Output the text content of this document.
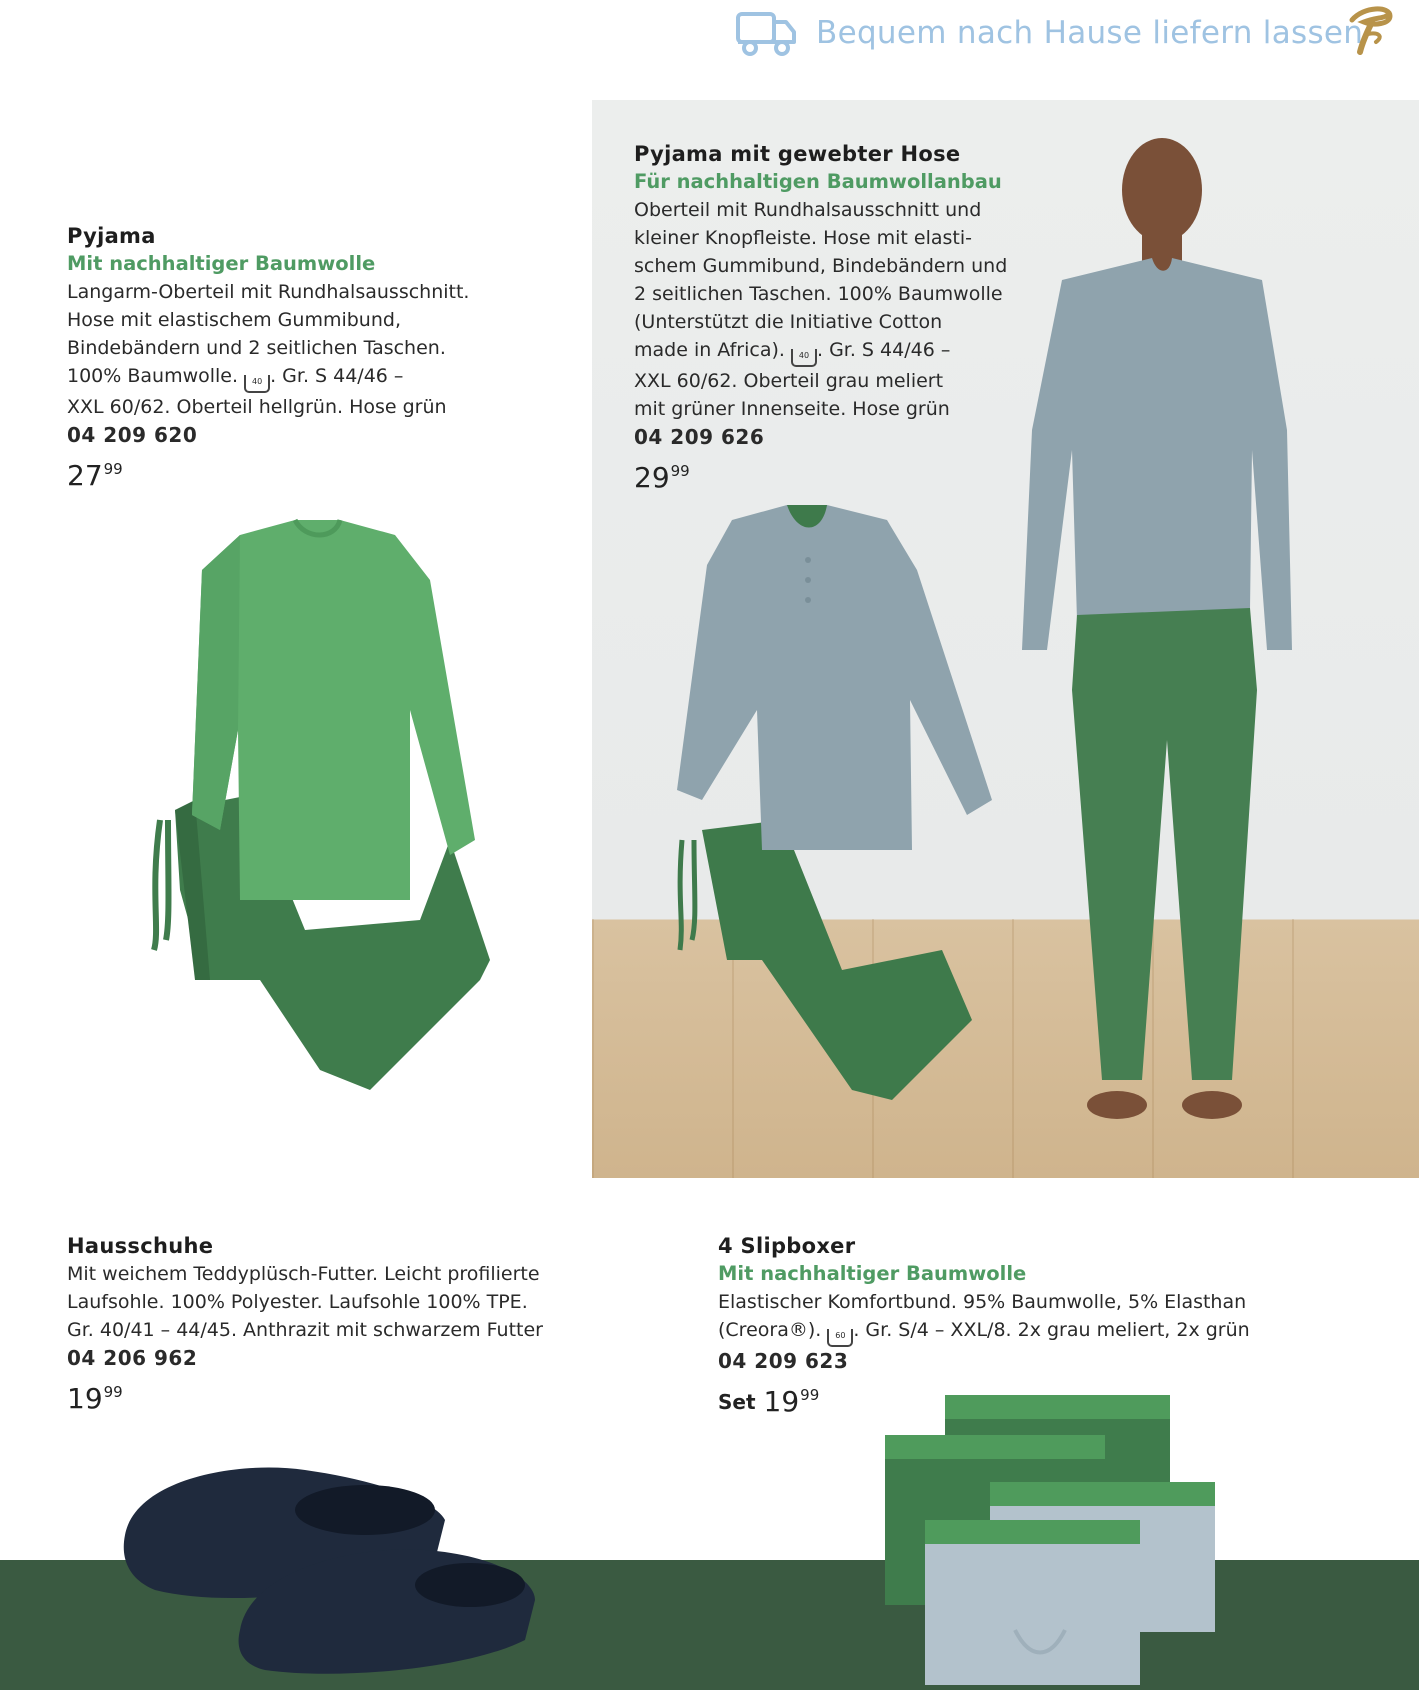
Bequem nach Hause liefern lassen
Pyjama
Mit nachhaltiger Baumwolle
Langarm-Oberteil mit Rundhalsausschnitt.
Hose mit elastischem Gummibund,
Bindebändern und 2 seitlichen Taschen.
100% Baumwolle. 40 . Gr. S 44/46 –
XXL 60/62. Oberteil hellgrün. Hose grün
04 209 620
$27^{99}$
Pyjama mit gewebter Hose
Für nachhaltigen Baumwollanbau
Oberteil mit Rundhalsausschnitt und
kleiner Knopfleiste. Hose mit elasti-
schem Gummibund, Bindebändern und
2 seitlichen Taschen. 100% Baumwolle
(Unterstützt die Initiative Cotton
made in Africa). 40 . Gr. S 44/46 –
XXL 60/62. Oberteil grau meliert
mit grüner Innenseite. Hose grün
04 209 626
$29^{99}$
Hausschuhe
Mit weichem Teddyplüsch-Futter. Leicht profilierte
Laufsohle. 100% Polyester. Laufsohle 100% TPE.
Gr. 40/41 – 44/45. Anthrazit mit schwarzem Futter
04 206 962
$19^{99}$
4 Slipboxer
Mit nachhaltiger Baumwolle
Elastischer Komfortbund. 95% Baumwolle, 5% Elasthan
(Creora®). 60 . Gr. S/4 – XXL/8. 2x grau meliert, 2x grün
04 209 623
Set $19^{99}$
